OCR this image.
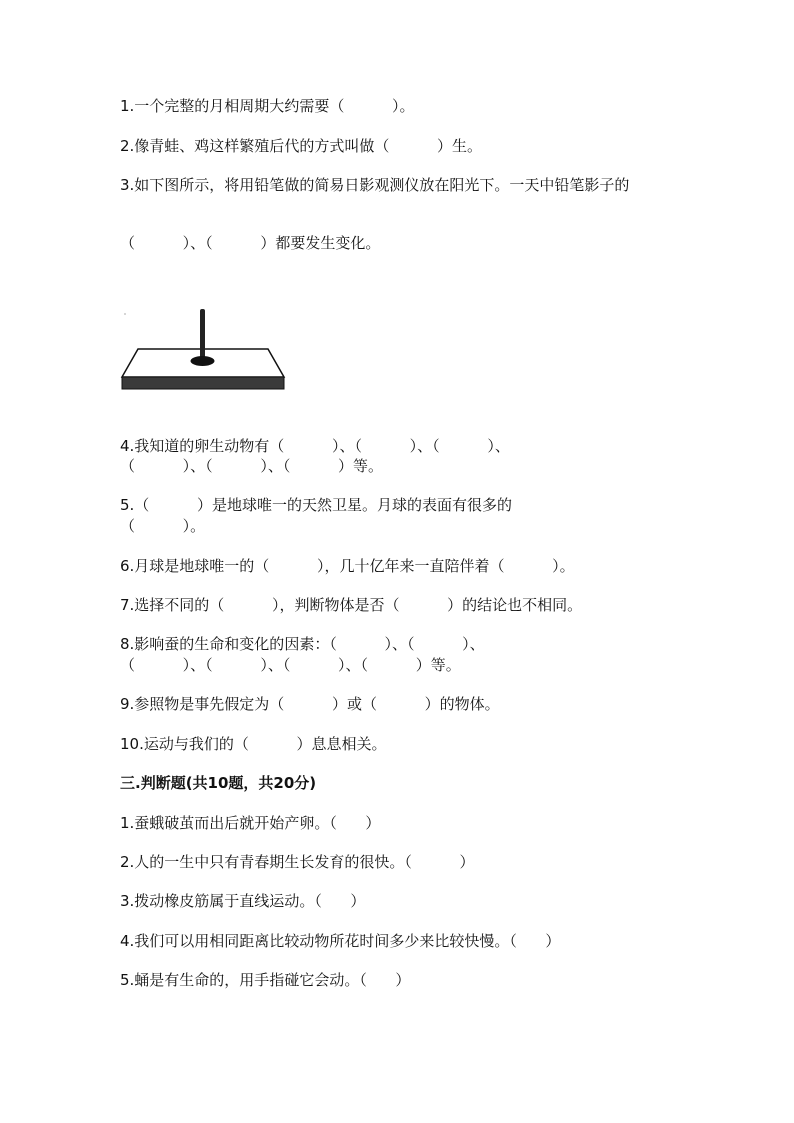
1.一个完整的月相周期大约需要（          ）。
2.像青蛙、鸡这样繁殖后代的方式叫做（          ）生。
3.如下图所示，将用铅笔做的简易日影观测仪放在阳光下。一天中铅笔影子的
（          ）、（          ）都要发生变化。
4.我知道的卵生动物有（          ）、（          ）、（          ）、
（          ）、（          ）、（          ）等。
5.（          ）是地球唯一的天然卫星。月球的表面有很多的
（          ）。
6.月球是地球唯一的（          ），几十亿年来一直陪伴着（          ）。
7.选择不同的（          ），判断物体是否（          ）的结论也不相同。
8.影响蚕的生命和变化的因素：（          ）、（          ）、
（          ）、（          ）、（          ）、（          ）等。
9.参照物是事先假定为（          ）或（          ）的物体。
10.运动与我们的（          ）息息相关。
三.判断题(共10题，共20分)
1.蚕蛾破茧而出后就开始产卵。（      ）
2.人的一生中只有青春期生长发育的很快。（          ）
3.拨动橡皮筋属于直线运动。（      ）
4.我们可以用相同距离比较动物所花时间多少来比较快慢。（      ）
5.蛹是有生命的，用手指碰它会动。（      ）
